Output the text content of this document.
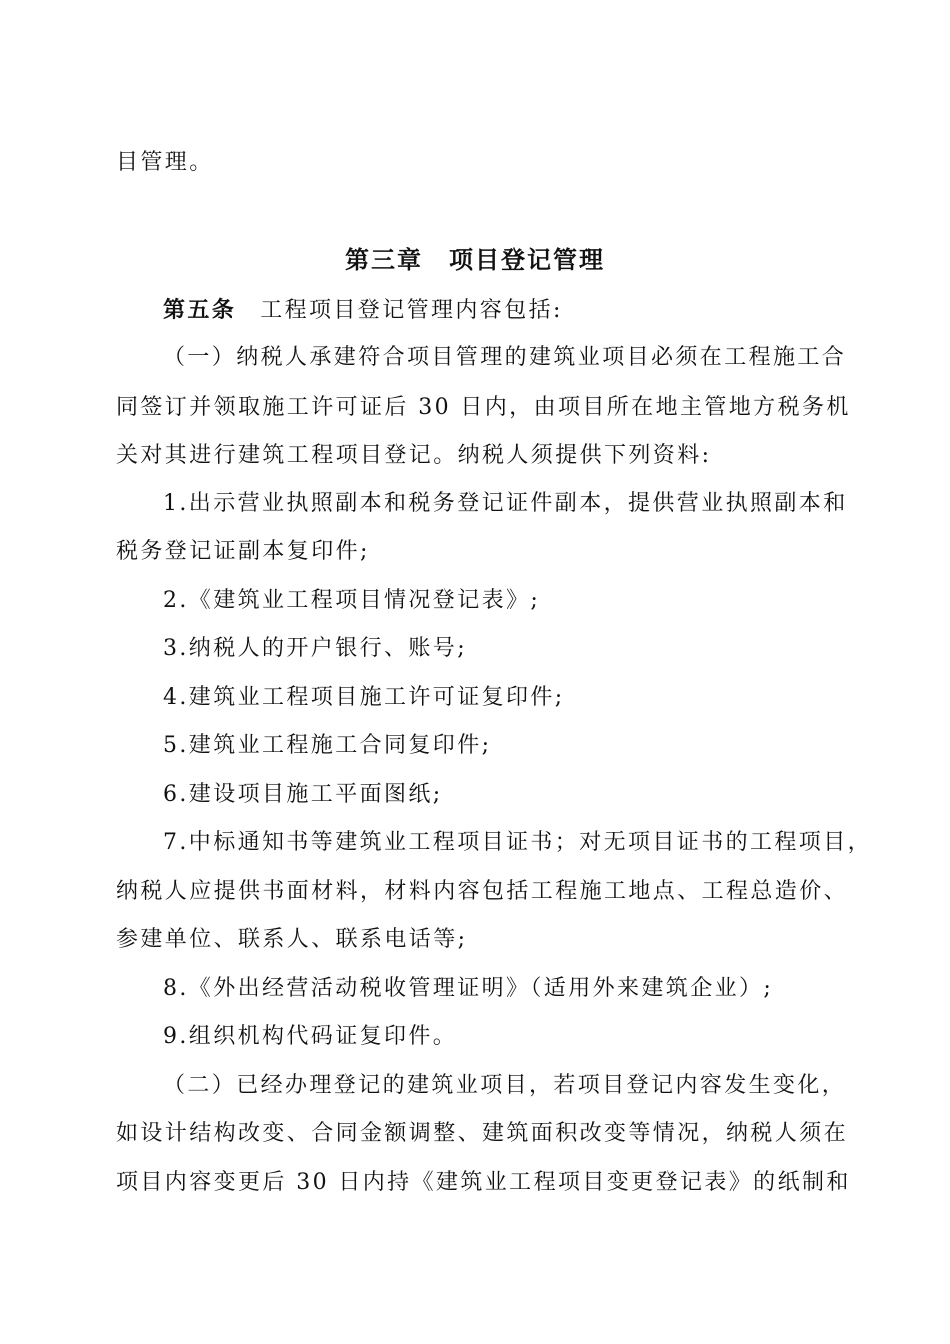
目管理。
第三章　项目登记管理
第五条 工程项目登记管理内容包括:
（一）纳税人承建符合项目管理的建筑业项目必须在工程施工合
同签订并领取施工许可证后 30 日内，由项目所在地主管地方税务机
关对其进行建筑工程项目登记。纳税人须提供下列资料:
1.出示营业执照副本和税务登记证件副本，提供营业执照副本和
税务登记证副本复印件;
2.《建筑业工程项目情况登记表》;
3.纳税人的开户银行、账号;
4.建筑业工程项目施工许可证复印件;
5.建筑业工程施工合同复印件;
6.建设项目施工平面图纸;
7.中标通知书等建筑业工程项目证书；对无项目证书的工程项目，
纳税人应提供书面材料，材料内容包括工程施工地点、工程总造价、
参建单位、联系人、联系电话等;
8.《外出经营活动税收管理证明》（适用外来建筑企业）;
9.组织机构代码证复印件。
（二）已经办理登记的建筑业项目，若项目登记内容发生变化，
如设计结构改变、合同金额调整、建筑面积改变等情况，纳税人须在
项目内容变更后 30 日内持《建筑业工程项目变更登记表》的纸制和
